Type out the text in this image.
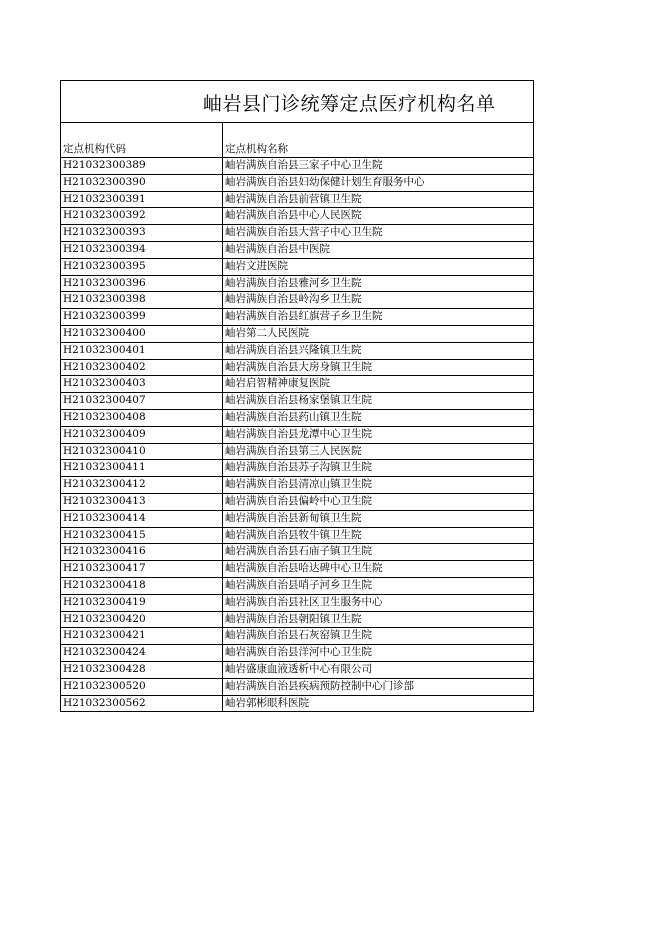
岫岩县门诊统筹定点医疗机构名单
定点机构代码	定点机构名称
H21032300389	岫岩满族自治县三家子中心卫生院
H21032300390	岫岩满族自治县妇幼保健计划生育服务中心
H21032300391	岫岩满族自治县前营镇卫生院
H21032300392	岫岩满族自治县中心人民医院
H21032300393	岫岩满族自治县大营子中心卫生院
H21032300394	岫岩满族自治县中医院
H21032300395	岫岩文进医院
H21032300396	岫岩满族自治县雅河乡卫生院
H21032300398	岫岩满族自治县岭沟乡卫生院
H21032300399	岫岩满族自治县红旗营子乡卫生院
H21032300400	岫岩第二人民医院
H21032300401	岫岩满族自治县兴隆镇卫生院
H21032300402	岫岩满族自治县大房身镇卫生院
H21032300403	岫岩启智精神康复医院
H21032300407	岫岩满族自治县杨家堡镇卫生院
H21032300408	岫岩满族自治县药山镇卫生院
H21032300409	岫岩满族自治县龙潭中心卫生院
H21032300410	岫岩满族自治县第三人民医院
H21032300411	岫岩满族自治县苏子沟镇卫生院
H21032300412	岫岩满族自治县清凉山镇卫生院
H21032300413	岫岩满族自治县偏岭中心卫生院
H21032300414	岫岩满族自治县新甸镇卫生院
H21032300415	岫岩满族自治县牧牛镇卫生院
H21032300416	岫岩满族自治县石庙子镇卫生院
H21032300417	岫岩满族自治县哈达碑中心卫生院
H21032300418	岫岩满族自治县哨子河乡卫生院
H21032300419	岫岩满族自治县社区卫生服务中心
H21032300420	岫岩满族自治县朝阳镇卫生院
H21032300421	岫岩满族自治县石灰窑镇卫生院
H21032300424	岫岩满族自治县洋河中心卫生院
H21032300428	岫岩盛康血液透析中心有限公司
H21032300520	岫岩满族自治县疾病预防控制中心门诊部
H21032300562	岫岩郭彬眼科医院
